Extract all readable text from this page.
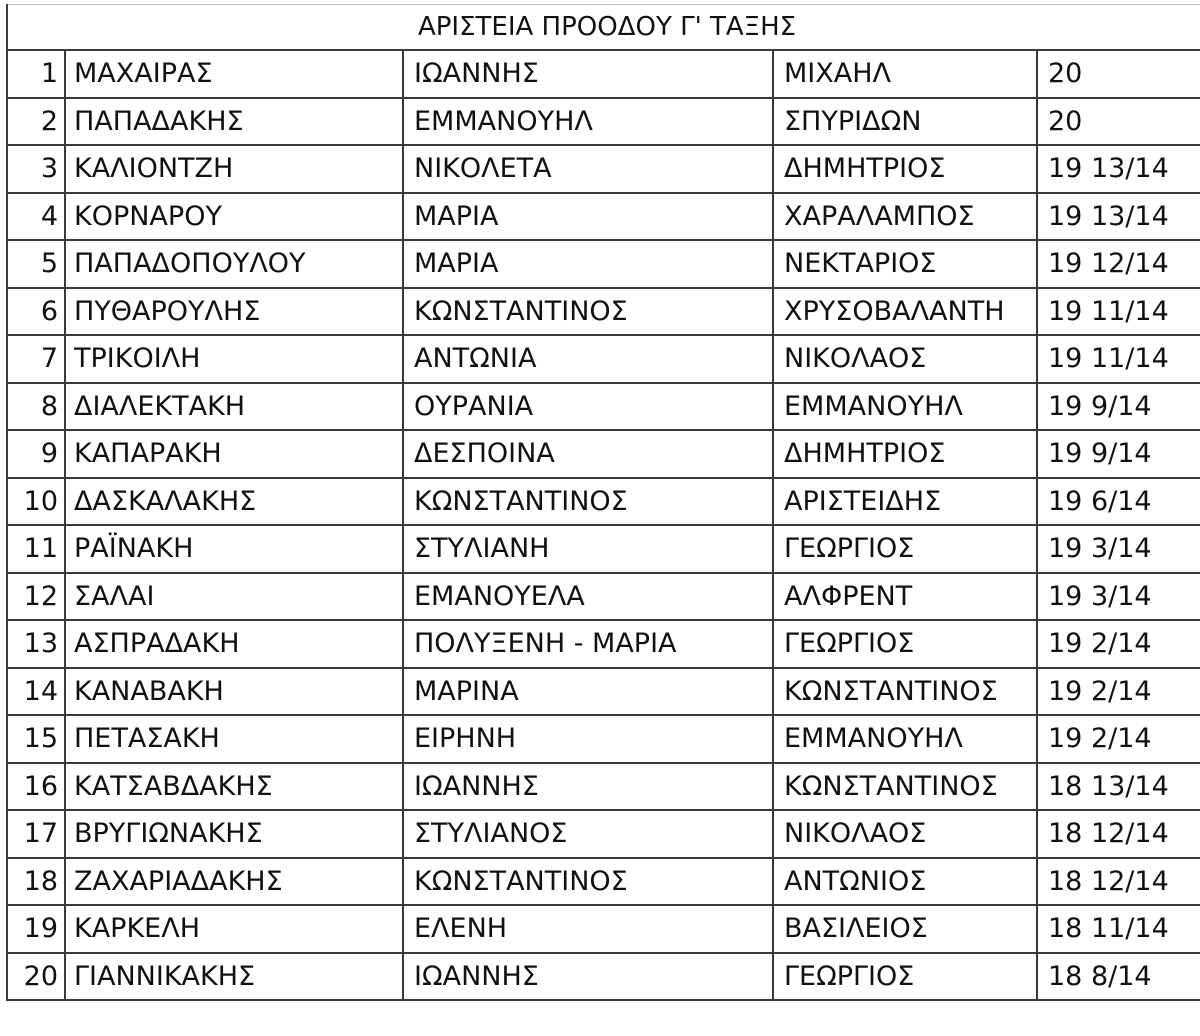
ΑΡΙΣΤΕΙΑ ΠΡΟΟΔΟΥ Γ' ΤΑΞΗΣ				
1	ΜΑΧΑΙΡΑΣ	ΙΩΑΝΝΗΣ	ΜΙΧΑΗΛ	20
2	ΠΑΠΑΔΑΚΗΣ	ΕΜΜΑΝΟΥΗΛ	ΣΠΥΡΙΔΩΝ	20
3	ΚΑΛΙΟΝΤΖΗ	ΝΙΚΟΛΕΤΑ	ΔΗΜΗΤΡΙΟΣ	19 13/14
4	ΚΟΡΝΑΡΟΥ	ΜΑΡΙΑ	ΧΑΡΑΛΑΜΠΟΣ	19 13/14
5	ΠΑΠΑΔΟΠΟΥΛΟΥ	ΜΑΡΙΑ	ΝΕΚΤΑΡΙΟΣ	19 12/14
6	ΠΥΘΑΡΟΥΛΗΣ	ΚΩΝΣΤΑΝΤΙΝΟΣ	ΧΡΥΣΟΒΑΛΑΝΤΗ	19 11/14
7	ΤΡΙΚΟΙΛΗ	ΑΝΤΩΝΙΑ	ΝΙΚΟΛΑΟΣ	19 11/14
8	ΔΙΑΛΕΚΤΑΚΗ	ΟΥΡΑΝΙΑ	ΕΜΜΑΝΟΥΗΛ	19 9/14
9	ΚΑΠΑΡΑΚΗ	ΔΕΣΠΟΙΝΑ	ΔΗΜΗΤΡΙΟΣ	19 9/14
10	ΔΑΣΚΑΛΑΚΗΣ	ΚΩΝΣΤΑΝΤΙΝΟΣ	ΑΡΙΣΤΕΙΔΗΣ	19 6/14
11	ΡΑΪΝΑΚΗ	ΣΤΥΛΙΑΝΗ	ΓΕΩΡΓΙΟΣ	19 3/14
12	ΣΑΛΑΙ	ΕΜΑΝΟΥΕΛΑ	ΑΛΦΡΕΝΤ	19 3/14
13	ΑΣΠΡΑΔΑΚΗ	ΠΟΛΥΞΕΝΗ - ΜΑΡΙΑ	ΓΕΩΡΓΙΟΣ	19 2/14
14	ΚΑΝΑΒΑΚΗ	ΜΑΡΙΝΑ	ΚΩΝΣΤΑΝΤΙΝΟΣ	19 2/14
15	ΠΕΤΑΣΑΚΗ	ΕΙΡΗΝΗ	ΕΜΜΑΝΟΥΗΛ	19 2/14
16	ΚΑΤΣΑΒΔΑΚΗΣ	ΙΩΑΝΝΗΣ	ΚΩΝΣΤΑΝΤΙΝΟΣ	18 13/14
17	ΒΡΥΓΙΩΝΑΚΗΣ	ΣΤΥΛΙΑΝΟΣ	ΝΙΚΟΛΑΟΣ	18 12/14
18	ΖΑΧΑΡΙΑΔΑΚΗΣ	ΚΩΝΣΤΑΝΤΙΝΟΣ	ΑΝΤΩΝΙΟΣ	18 12/14
19	ΚΑΡΚΕΛΗ	ΕΛΕΝΗ	ΒΑΣΙΛΕΙΟΣ	18 11/14
20	ΓΙΑΝΝΙΚΑΚΗΣ	ΙΩΑΝΝΗΣ	ΓΕΩΡΓΙΟΣ	18 8/14
